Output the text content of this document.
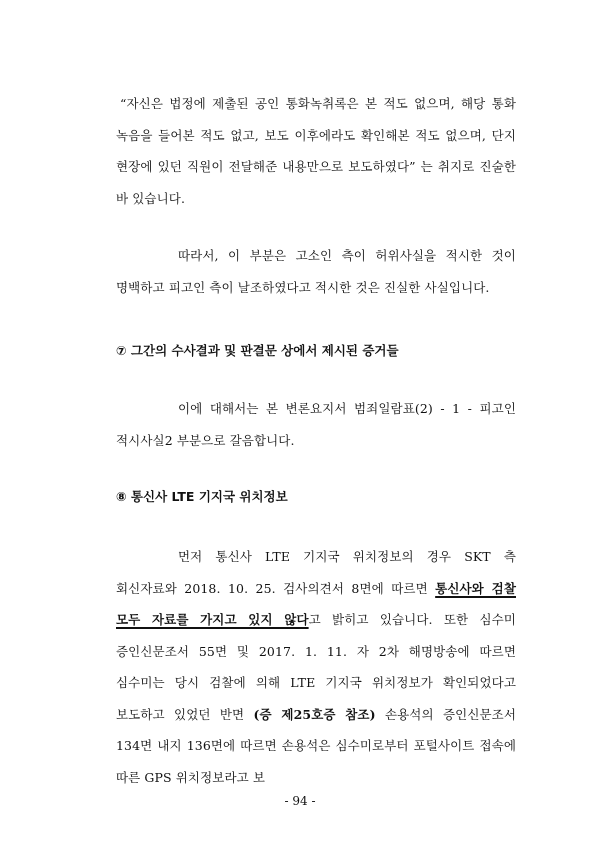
“자신은 법정에 제출된 공인 통화녹취록은 본 적도 없으며, 해당 통화 녹음을 들어본 적도 없고, 보도 이후에라도 확인해본 적도 없으며, 단지 현장에 있던 직원이 전달해준 내용만으로 보도하였다” 는 취지로 진술한 바 있습니다.

따라서, 이 부분은 고소인 측이 허위사실을 적시한 것이 명백하고 피고인 측이 날조하였다고 적시한 것은 진실한 사실입니다.

⑦ 그간의 수사결과 및 판결문 상에서 제시된 증거들

이에 대해서는 본 변론요지서 범죄일람표(2) - 1 - 피고인 적시사실2 부분으로 갈음합니다.

⑧ 통신사 LTE 기지국 위치정보

먼저 통신사 LTE 기지국 위치정보의 경우 SKT 측 회신자료와 2018. 10. 25. 검사의견서 8면에 따르면 통신사와 검찰 모두 자료를 가지고 있지 않다고 밝히고 있습니다. 또한 심수미 증인신문조서 55면 및 2017. 1. 11. 자 2차 해명방송에 따르면 심수미는 당시 검찰에 의해 LTE 기지국 위치정보가 확인되었다고 보도하고 있었던 반면 (증 제25호증 참조) 손용석의 증인신문조서 134면 내지 136면에 따르면 손용석은 심수미로부터 포털사이트 접속에 따른 GPS 위치정보라고 보

- 94 -
